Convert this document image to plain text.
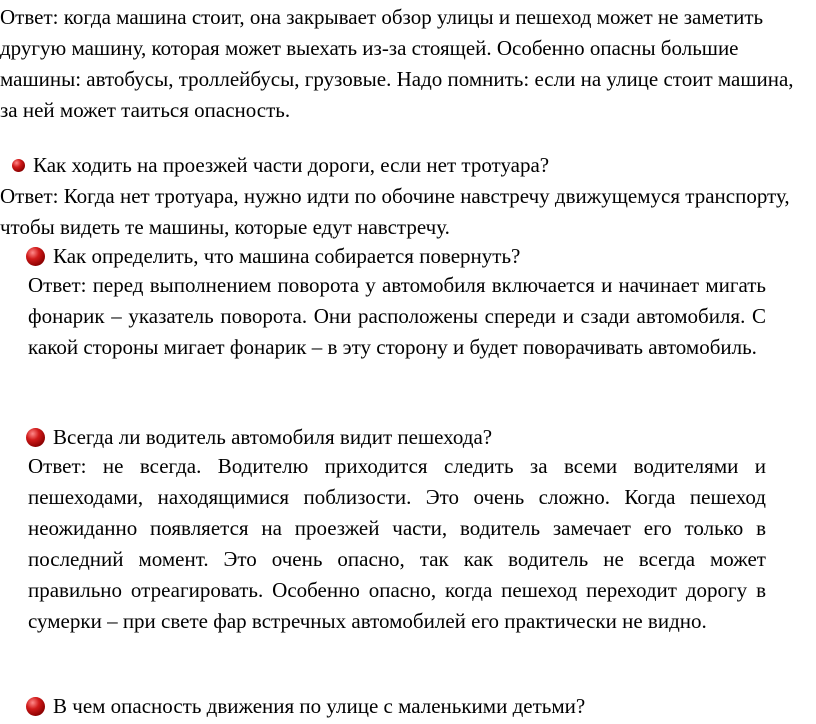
Ответ: когда машина стоит, она закрывает обзор улицы и пешеход может не заметить другую машину, которая может выехать из-за стоящей. Особенно опасны большие машины: автобусы, троллейбусы, грузовые. Надо помнить: если на улице стоит машина, за ней может таиться опасность.

Как ходить на проезжей части дороги, если нет тротуара?

Ответ: Когда нет тротуара, нужно идти по обочине навстречу движущемуся транспорту, чтобы видеть те машины, которые едут навстречу.

Как определить, что машина собирается повернуть?

Ответ: перед выполнением поворота у автомобиля включается и начинает мигать фонарик – указатель поворота. Они расположены спереди и сзади автомобиля. С какой стороны мигает фонарик – в эту сторону и будет поворачивать автомобиль.

Всегда ли водитель автомобиля видит пешехода?

Ответ: не всегда. Водителю приходится следить за всеми водителями и пешеходами, находящимися поблизости. Это очень сложно. Когда пешеход неожиданно появляется на проезжей части, водитель замечает его только в последний момент. Это очень опасно, так как водитель не всегда может правильно отреагировать. Особенно опасно, когда пешеход переходит дорогу в сумерки – при свете фар встречных автомобилей его практически не видно.

В чем опасность движения по улице с маленькими детьми?
